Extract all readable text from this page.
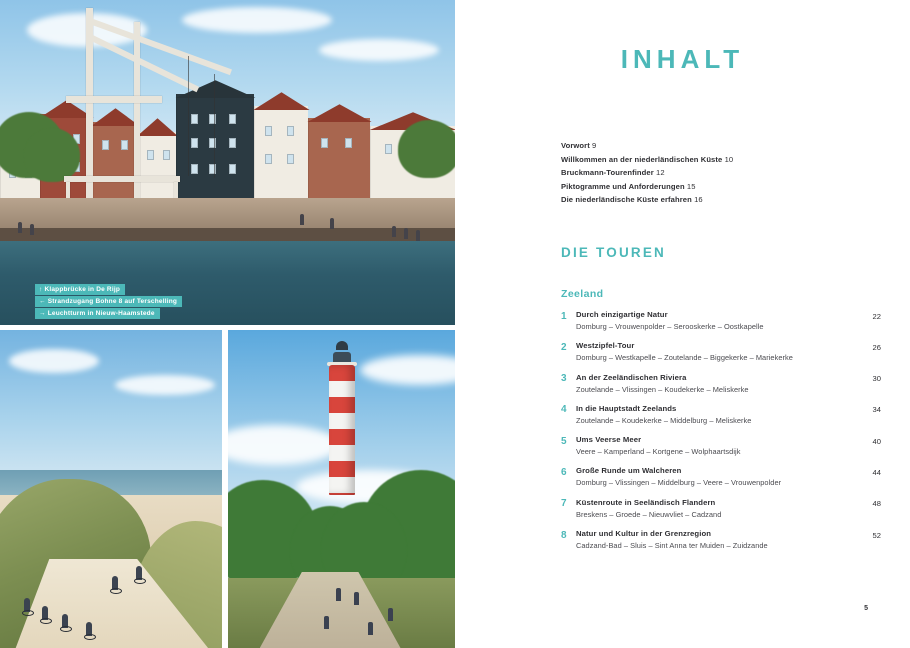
↑ Klappbrücke in De Rijp
← Strandzugang Bohne 8 auf Terschelling
→ Leuchtturm in Nieuw-Haamstede
INHALT
Vorwort 9
Willkommen an der niederländischen Küste 10
Bruckmann-Tourenfinder 12
Piktogramme und Anforderungen 15
Die niederländische Küste erfahren 16
DIE TOUREN
Zeeland
1	Durch einzigartige Natur
Domburg – Vrouwenpolder – Serooskerke – Oostkapelle
22
2	Westzipfel-Tour
Domburg – Westkapelle – Zoutelande – Biggekerke – Mariekerke
26
3	An der Zeeländischen Riviera
Zoutelande – Vlissingen – Koudekerke – Meliskerke
30
4	In die Hauptstadt Zeelands
Zoutelande – Koudekerke – Middelburg – Meliskerke
34
5	Ums Veerse Meer
Veere – Kamperland – Kortgene – Wolphaartsdijk
40
6	Große Runde um Walcheren
Domburg – Vlissingen – Middelburg – Veere – Vrouwenpolder
44
7	Küstenroute in Seeländisch Flandern
Breskens – Groede – Nieuwvliet – Cadzand
48
8	Natur und Kultur in der Grenzregion
Cadzand-Bad – Sluis – Sint Anna ter Muiden – Zuidzande
52
5
